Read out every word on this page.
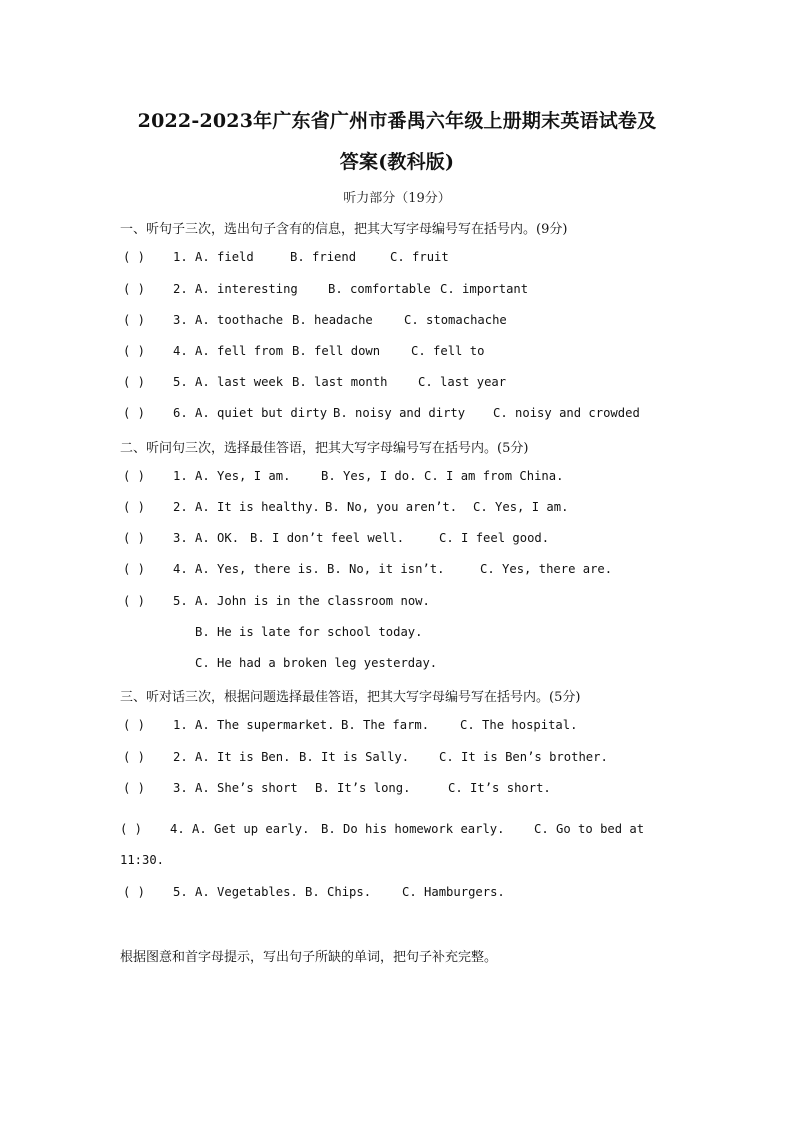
2022-2023年广东省广州市番禺六年级上册期末英语试卷及
答案(教科版)
听力部分（19分）
一、听句子三次，选出句子含有的信息，把其大写字母编号写在括号内。(9分)
( ) 1. A. field	B. friend	C. fruit
( ) 2. A. interesting B. comfortable C. important
( ) 3. A. toothache B. headache	C. stomachache
( ) 4. A. fell from B. fell down	C. fell to
( ) 5. A. last week B. last month	C. last year
( ) 6. A. quiet but dirty B. noisy and dirty C. noisy and crowded
二、听问句三次，选择最佳答语，把其大写字母编号写在括号内。(5分)
( ) 1. A. Yes, I am.	B. Yes, I do. C. I am from China.
( ) 2. A. It is healthy. B. No, you aren’t. C. Yes, I am.
( ) 3. A. OK. B. I don’t feel well.	C. I feel good.
( ) 4. A. Yes, there is. B. No, it isn’t.	C. Yes, there are.
( ) 5. A. John is in the classroom now.
B. He is late for school today.
C. He had a broken leg yesterday.
三、听对话三次，根据问题选择最佳答语，把其大写字母编号写在括号内。(5分)
( ) 1. A. The supermarket. B. The farm.	C. The hospital.
( ) 2. A. It is Ben. B. It is Sally. C. It is Ben’s brother.
( ) 3. A. She’s short B. It’s long.	C. It’s short.
( ) 4. A. Get up early. B. Do his homework early. C. Go to bed at
11:30.
( ) 5. A. Vegetables. B. Chips.	C. Hamburgers.
根据图意和首字母提示，写出句子所缺的单词，把句子补充完整。
